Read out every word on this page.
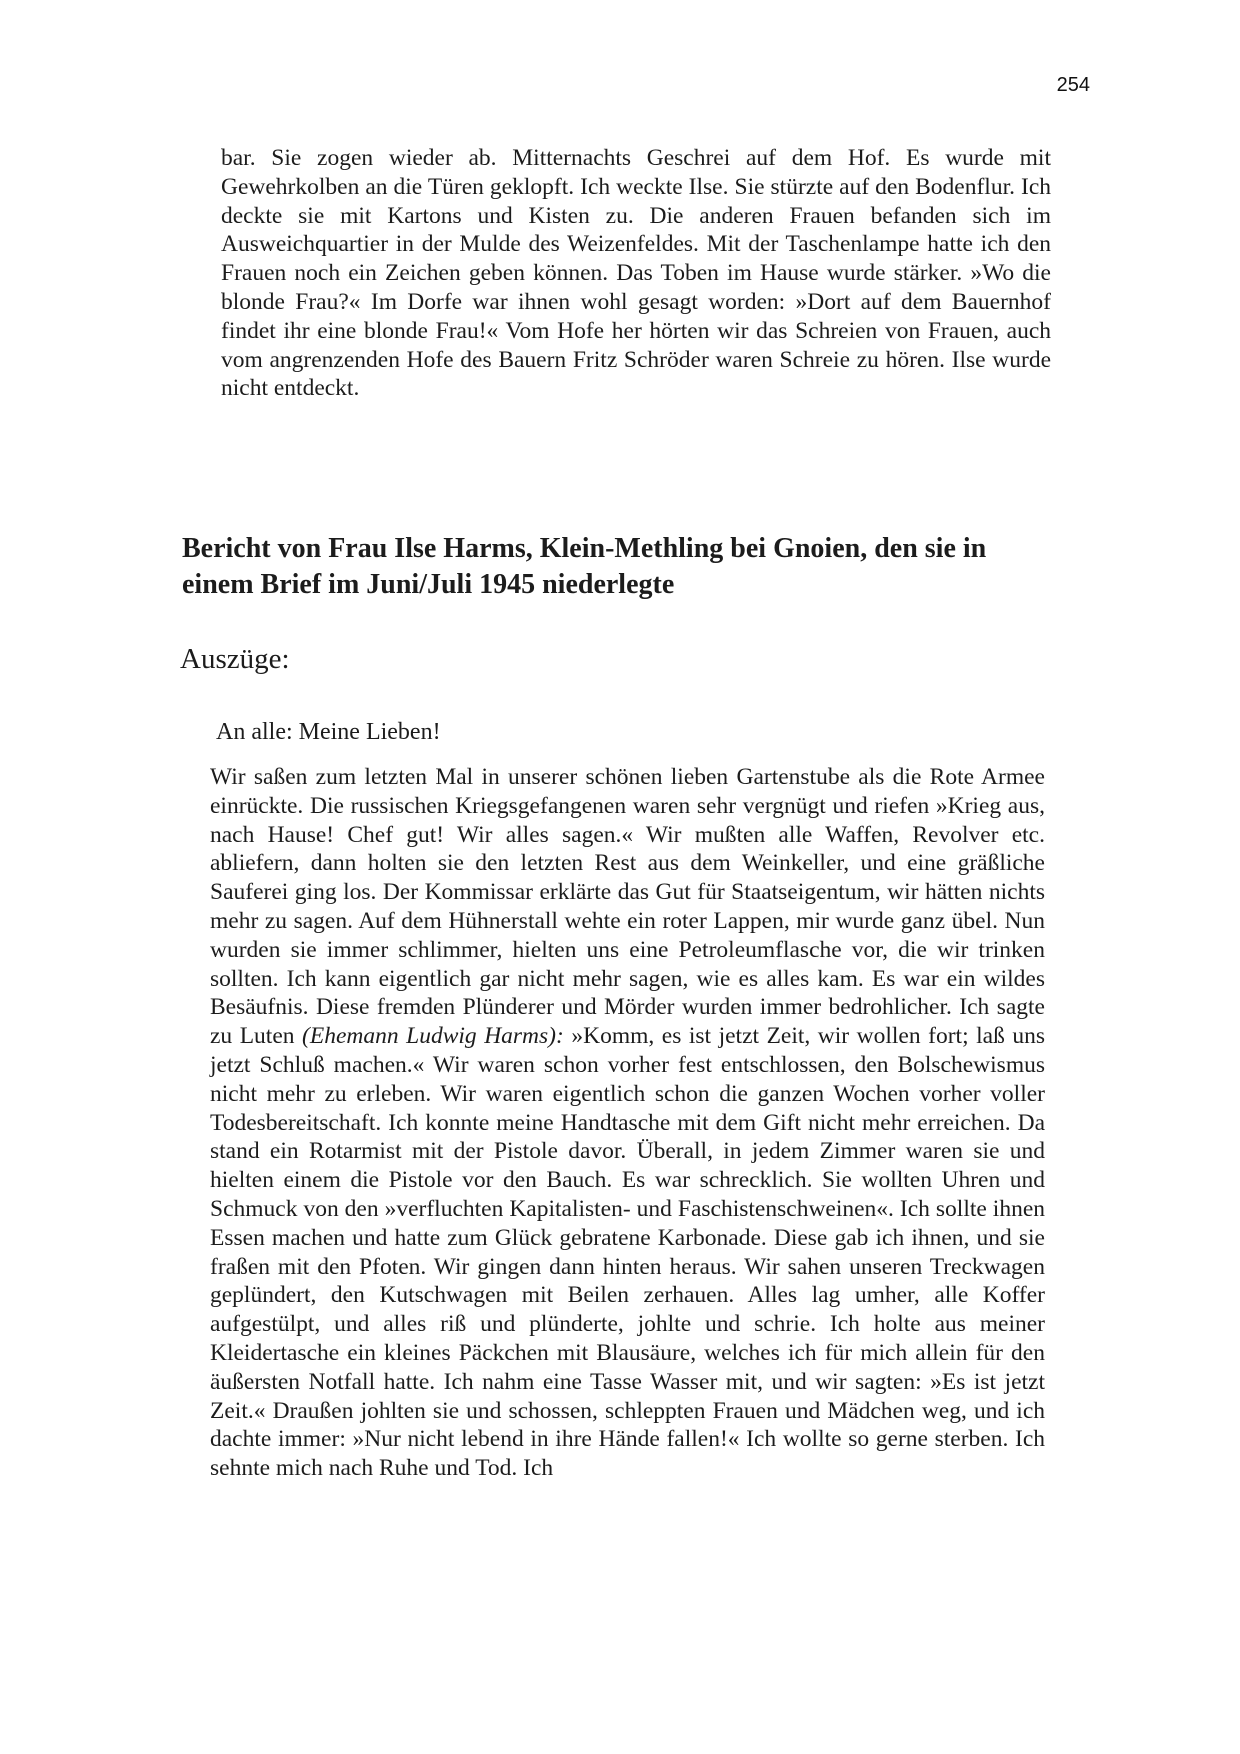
254

bar. Sie zogen wieder ab. Mitternachts Geschrei auf dem Hof. Es wurde mit Gewehrkolben an die Türen geklopft. Ich weckte Ilse. Sie stürzte auf den Bodenflur. Ich deckte sie mit Kartons und Kisten zu. Die anderen Frauen befanden sich im Ausweichquartier in der Mulde des Weizenfeldes. Mit der Taschenlampe hatte ich den Frauen noch ein Zeichen geben können. Das Toben im Hause wurde stärker. »Wo die blonde Frau?« Im Dorfe war ihnen wohl gesagt worden: »Dort auf dem Bauernhof findet ihr eine blonde Frau!« Vom Hofe her hörten wir das Schreien von Frauen, auch vom angrenzenden Hofe des Bauern Fritz Schröder waren Schreie zu hören. Ilse wurde nicht entdeckt.

Bericht von Frau Ilse Harms, Klein-Methling bei Gnoien, den sie in einem Brief im Juni/Juli 1945 niederlegte

Auszüge:

An alle: Meine Lieben!

Wir saßen zum letzten Mal in unserer schönen lieben Gartenstube als die Rote Armee einrückte. Die russischen Kriegsgefangenen waren sehr vergnügt und riefen »Krieg aus, nach Hause! Chef gut! Wir alles sagen.« Wir mußten alle Waffen, Revolver etc. abliefern, dann holten sie den letzten Rest aus dem Weinkeller, und eine gräßliche Sauferei ging los. Der Kommissar erklärte das Gut für Staatseigentum, wir hätten nichts mehr zu sagen. Auf dem Hühnerstall wehte ein roter Lappen, mir wurde ganz übel. Nun wurden sie immer schlimmer, hielten uns eine Petroleumflasche vor, die wir trinken sollten. Ich kann eigentlich gar nicht mehr sagen, wie es alles kam. Es war ein wildes Besäufnis. Diese fremden Plünderer und Mörder wurden immer bedrohlicher. Ich sagte zu Luten (Ehemann Ludwig Harms): »Komm, es ist jetzt Zeit, wir wollen fort; laß uns jetzt Schluß machen.« Wir waren schon vorher fest entschlossen, den Bolschewismus nicht mehr zu erleben. Wir waren eigentlich schon die ganzen Wochen vorher voller Todesbereitschaft. Ich konnte meine Handtasche mit dem Gift nicht mehr erreichen. Da stand ein Rotarmist mit der Pistole davor. Überall, in jedem Zimmer waren sie und hielten einem die Pistole vor den Bauch. Es war schrecklich. Sie wollten Uhren und Schmuck von den »verfluchten Kapitalisten- und Faschistenschweinen«. Ich sollte ihnen Essen machen und hatte zum Glück gebratene Karbonade. Diese gab ich ihnen, und sie fraßen mit den Pfoten. Wir gingen dann hinten heraus. Wir sahen unseren Treckwagen geplündert, den Kutschwagen mit Beilen zerhauen. Alles lag umher, alle Koffer aufgestülpt, und alles riß und plünderte, johlte und schrie. Ich holte aus meiner Kleidertasche ein kleines Päckchen mit Blausäure, welches ich für mich allein für den äußersten Notfall hatte. Ich nahm eine Tasse Wasser mit, und wir sagten: »Es ist jetzt Zeit.« Draußen johlten sie und schossen, schleppten Frauen und Mädchen weg, und ich dachte immer: »Nur nicht lebend in ihre Hände fallen!« Ich wollte so gerne sterben. Ich sehnte mich nach Ruhe und Tod. Ich
